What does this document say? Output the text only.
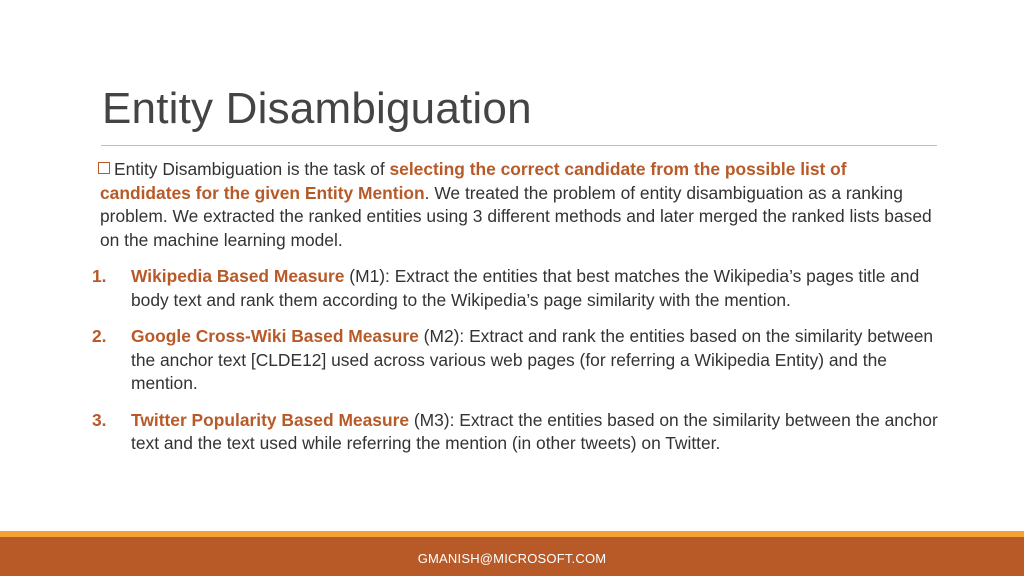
Entity Disambiguation
Entity Disambiguation is the task of selecting the correct candidate from the possible list of candidates for the given Entity Mention. We treated the problem of entity disambiguation as a ranking problem. We extracted the ranked entities using 3 different methods and later merged the ranked lists based on the machine learning model.
1. Wikipedia Based Measure (M1): Extract the entities that best matches the Wikipedia’s pages title and body text and rank them according to the Wikipedia’s page similarity with the mention.
2. Google Cross-Wiki Based Measure (M2): Extract and rank the entities based on the similarity between the anchor text [CLDE12] used across various web pages (for referring a Wikipedia Entity) and the mention.
3. Twitter Popularity Based Measure (M3): Extract the entities based on the similarity between the anchor text and the text used while referring the mention (in other tweets) on Twitter.
GMANISH@MICROSOFT.COM
